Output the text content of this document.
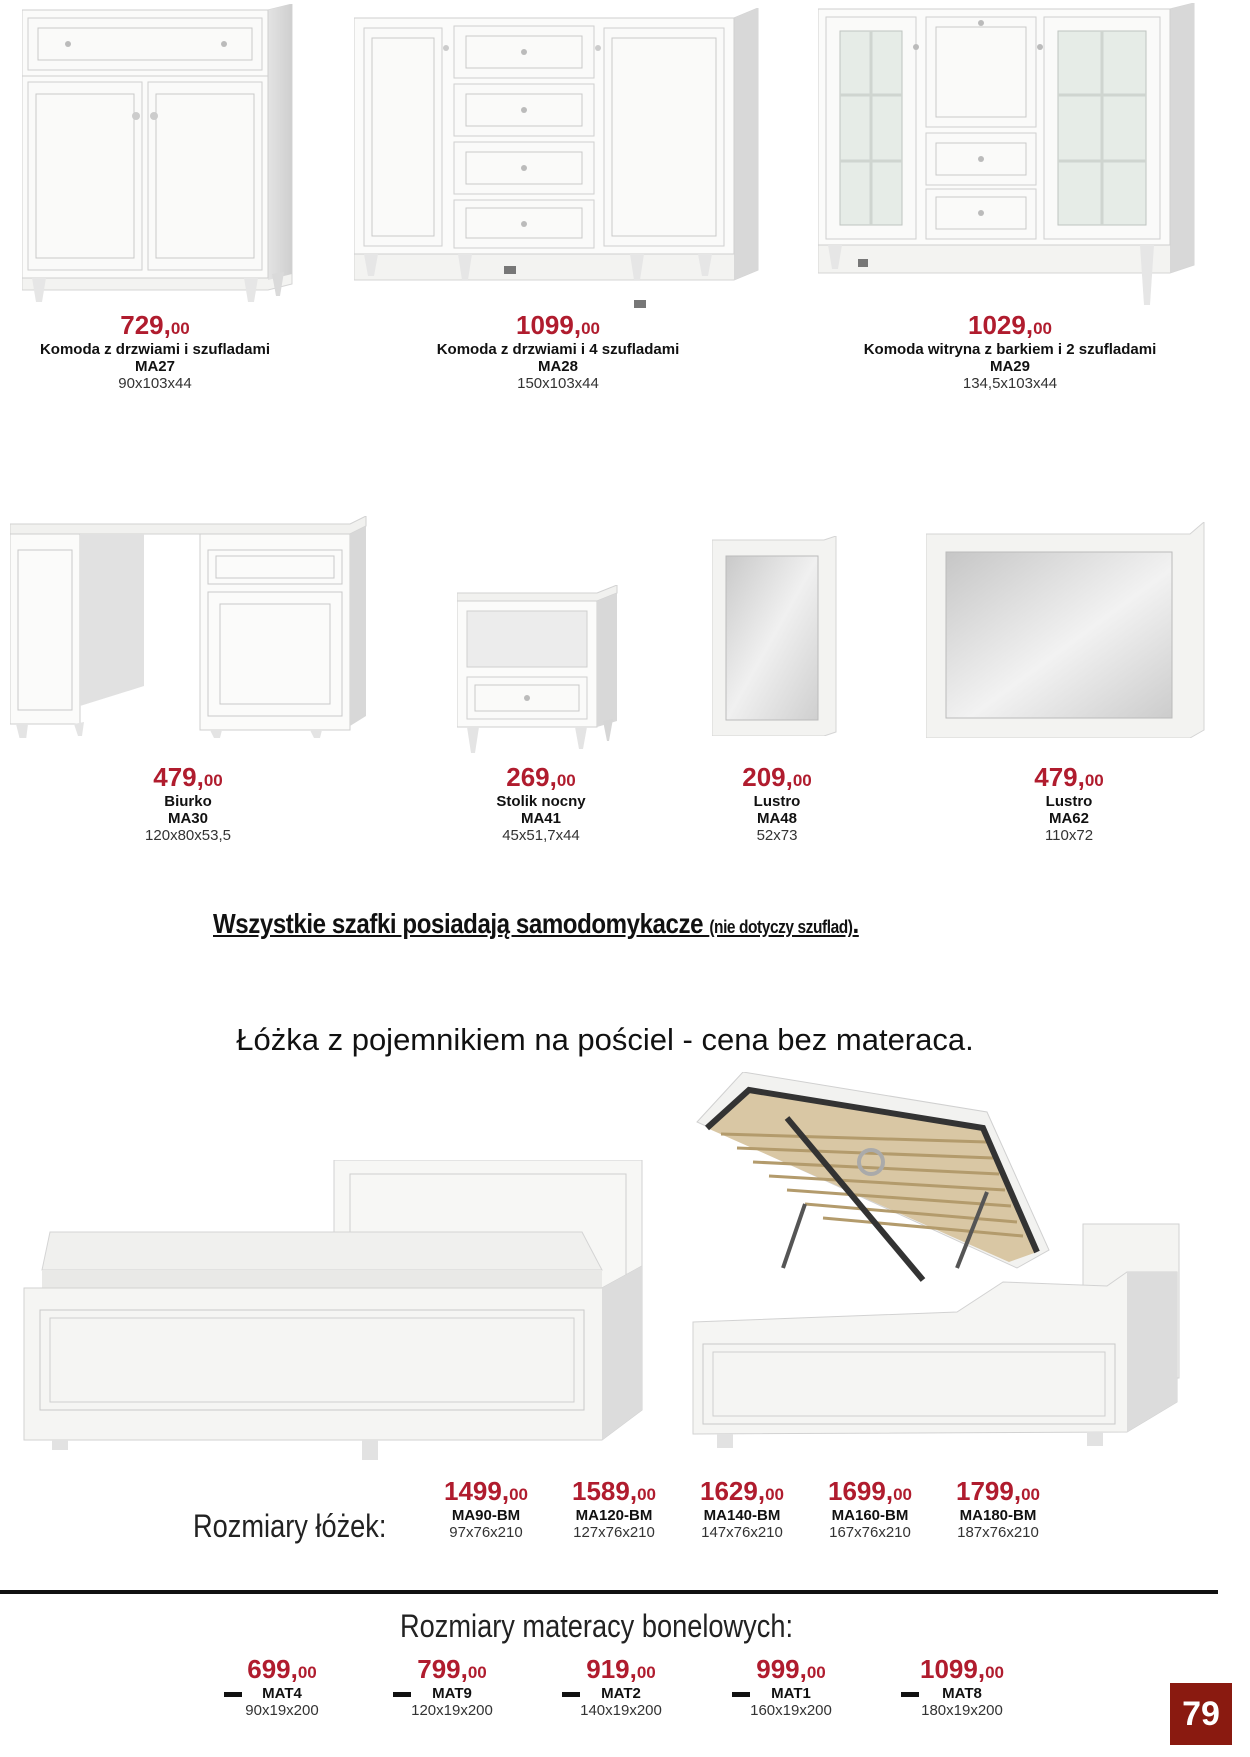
729,00
Komoda z drzwiami i szufladami
MA27
90x103x44
1099,00
Komoda z drzwiami i 4 szufladami
MA28
150x103x44
1029,00
Komoda witryna z barkiem i 2 szufladami
MA29
134,5x103x44
479,00
Biurko
MA30
120x80x53,5
269,00
Stolik nocny
MA41
45x51,7x44
209,00
Lustro
MA48
52x73
479,00
Lustro
MA62
110x72
Wszystkie szafki posiadają samodomykacze (nie dotyczy szuflad).
Łóżka z pojemnikiem na pościel - cena bez materaca.
Rozmiary łóżek:
1499,00
MA90-BM
97x76x210
1589,00
MA120-BM
127x76x210
1629,00
MA140-BM
147x76x210
1699,00
MA160-BM
167x76x210
1799,00
MA180-BM
187x76x210
Rozmiary materacy bonelowych:
699,00
MAT4
90x19x200
799,00
MAT9
120x19x200
919,00
MAT2
140x19x200
999,00
MAT1
160x19x200
1099,00
MAT8
180x19x200	79
